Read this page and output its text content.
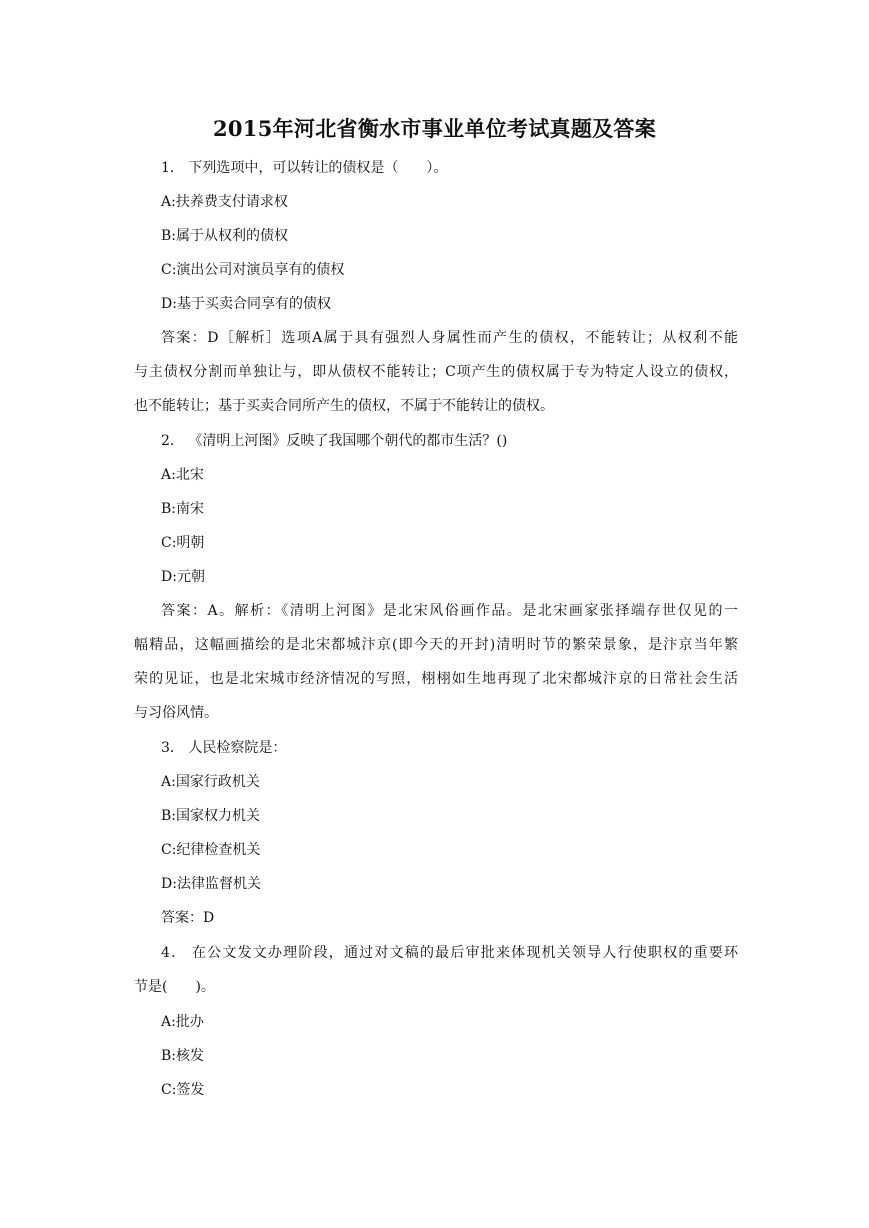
2015年河北省衡水市事业单位考试真题及答案
1． 下列选项中，可以转让的债权是（　　）。
A:扶养费支付请求权
B:属于从权利的债权
C:演出公司对演员享有的债权
D:基于买卖合同享有的债权
答案：D［解析］选项A属于具有强烈人身属性而产生的债权，不能转让；从权利不能
与主债权分割而单独让与，即从债权不能转让；C项产生的债权属于专为特定人设立的债权，
也不能转让；基于买卖合同所产生的债权，不属于不能转让的债权。
2． 《清明上河图》反映了我国哪个朝代的都市生活？()
A:北宋
B:南宋
C:明朝
D:元朝
答案：A。解析：《清明上河图》是北宋风俗画作品。是北宋画家张择端存世仅见的一
幅精品，这幅画描绘的是北宋都城汴京(即今天的开封)清明时节的繁荣景象，是汴京当年繁
荣的见证，也是北宋城市经济情况的写照，栩栩如生地再现了北宋都城汴京的日常社会生活
与习俗风情。
3． 人民检察院是：
A:国家行政机关
B:国家权力机关
C:纪律检查机关
D:法律监督机关
答案：D
4． 在公文发文办理阶段，通过对文稿的最后审批来体现机关领导人行使职权的重要环
节是(　　)。
A:批办
B:核发
C:签发
